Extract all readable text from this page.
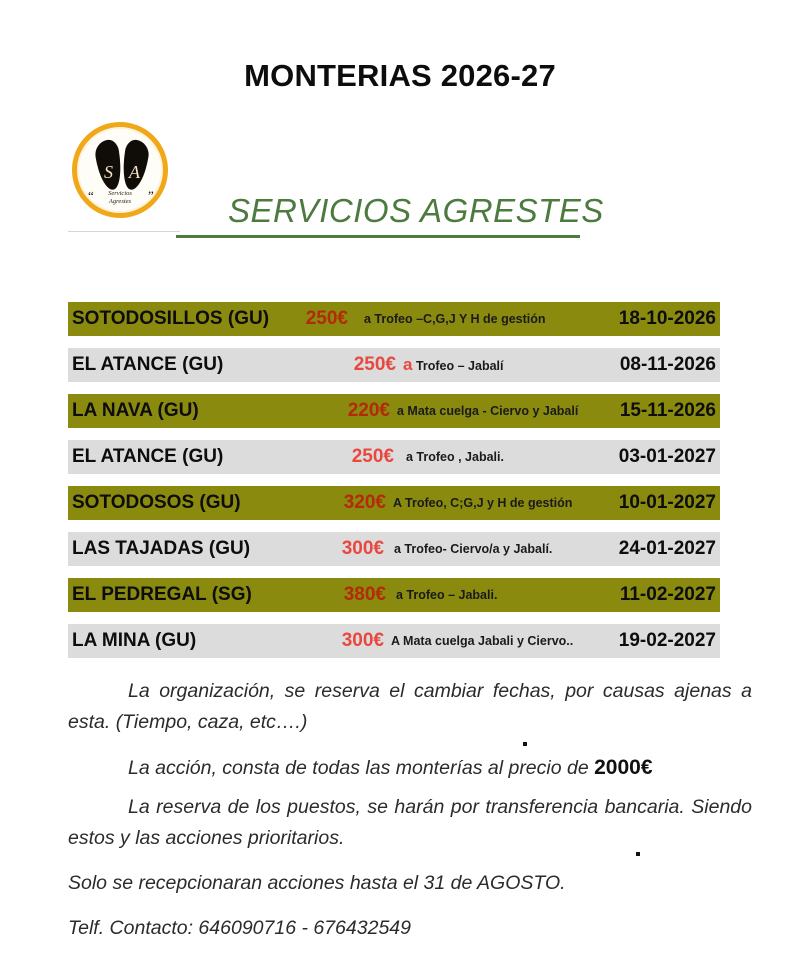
MONTERIAS 2026-27
S A
“	”
Servicios
Agrestes	SERVICIOS AGRESTES
SOTODOSILLOS (GU)	250€	a Trofeo –C,G,J Y H de gestión	18-10-2026
EL ATANCE (GU)	250€ a Trofeo – Jabalí	08-11-2026
LA NAVA (GU)	220€ a Mata cuelga - Ciervo y Jabalí	15-11-2026
EL ATANCE (GU)	250€ a Trofeo , Jabali.	03-01-2027
SOTODOSOS (GU)	320€ A Trofeo, C;G,J y H de gestión	10-01-2027
LAS TAJADAS (GU)	300€ a Trofeo- Ciervo/a y Jabalí.	24-01-2027
EL PEDREGAL (SG)	380€ a Trofeo – Jabali.	11-02-2027
LA MINA (GU)	300€ A Mata cuelga Jabali y Ciervo..	19-02-2027

La organización, se reserva el cambiar fechas, por causas ajenas a esta. (Tiempo, caza, etc….)

La acción, consta de todas las monterías al precio de 2000€

La reserva de los puestos, se harán por transferencia bancaria. Siendo estos y las acciones prioritarios.

Solo se recepcionaran acciones hasta el 31 de AGOSTO.

Telf. Contacto: 646090716 - 676432549
